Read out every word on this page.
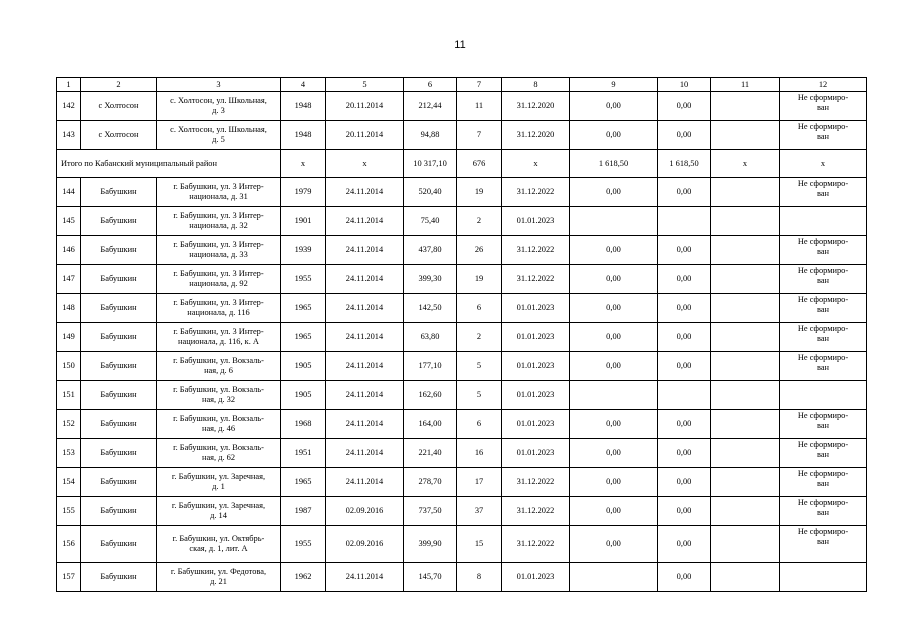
11
1	2	3	4	5	6	7	8	9	10	11	12
142	с Холтосон	с. Холтосон, ул. Школьная,
д. 3	1948	20.11.2014	212,44	11	31.12.2020	0,00	0,00		Не сформиро-
ван
143	с Холтосон	с. Холтосон, ул. Школьная,
д. 5	1948	20.11.2014	94,88	7	31.12.2020	0,00	0,00		Не сформиро-
ван
Итого по Кабанский муниципальный район			x	x	10 317,10	676	x	1 618,50	1 618,50	x	x
144	Бабушкин	г. Бабушкин, ул. 3 Интер-
национала, д. 31	1979	24.11.2014	520,40	19	31.12.2022	0,00	0,00		Не сформиро-
ван
145	Бабушкин	г. Бабушкин, ул. 3 Интер-
национала, д. 32	1901	24.11.2014	75,40	2	01.01.2023				
146	Бабушкин	г. Бабушкин, ул. 3 Интер-
национала, д. 33	1939	24.11.2014	437,80	26	31.12.2022	0,00	0,00		Не сформиро-
ван
147	Бабушкин	г. Бабушкин, ул. 3 Интер-
национала, д. 92	1955	24.11.2014	399,30	19	31.12.2022	0,00	0,00		Не сформиро-
ван
148	Бабушкин	г. Бабушкин, ул. 3 Интер-
национала, д. 116	1965	24.11.2014	142,50	6	01.01.2023	0,00	0,00		Не сформиро-
ван
149	Бабушкин	г. Бабушкин, ул. 3 Интер-
национала, д. 116, к. А	1965	24.11.2014	63,80	2	01.01.2023	0,00	0,00		Не сформиро-
ван
150	Бабушкин	г. Бабушкин, ул. Вокзаль-
ная, д. 6	1905	24.11.2014	177,10	5	01.01.2023	0,00	0,00		Не сформиро-
ван
151	Бабушкин	г. Бабушкин, ул. Вокзаль-
ная, д. 32	1905	24.11.2014	162,60	5	01.01.2023				
152	Бабушкин	г. Бабушкин, ул. Вокзаль-
ная, д. 46	1968	24.11.2014	164,00	6	01.01.2023	0,00	0,00		Не сформиро-
ван
153	Бабушкин	г. Бабушкин, ул. Вокзаль-
ная, д. 62	1951	24.11.2014	221,40	16	01.01.2023	0,00	0,00		Не сформиро-
ван
154	Бабушкин	г. Бабушкин, ул. Заречная,
д. 1	1965	24.11.2014	278,70	17	31.12.2022	0,00	0,00		Не сформиро-
ван
155	Бабушкин	г. Бабушкин, ул. Заречная,
д. 14	1987	02.09.2016	737,50	37	31.12.2022	0,00	0,00		Не сформиро-
ван
156	Бабушкин	г. Бабушкин, ул. Октябрь-
ская, д. 1, лит. А	1955	02.09.2016	399,90	15	31.12.2022	0,00	0,00		Не сформиро-
ван
157	Бабушкин	г. Бабушкин, ул. Федотова,
д. 21	1962	24.11.2014	145,70	8	01.01.2023		0,00		
